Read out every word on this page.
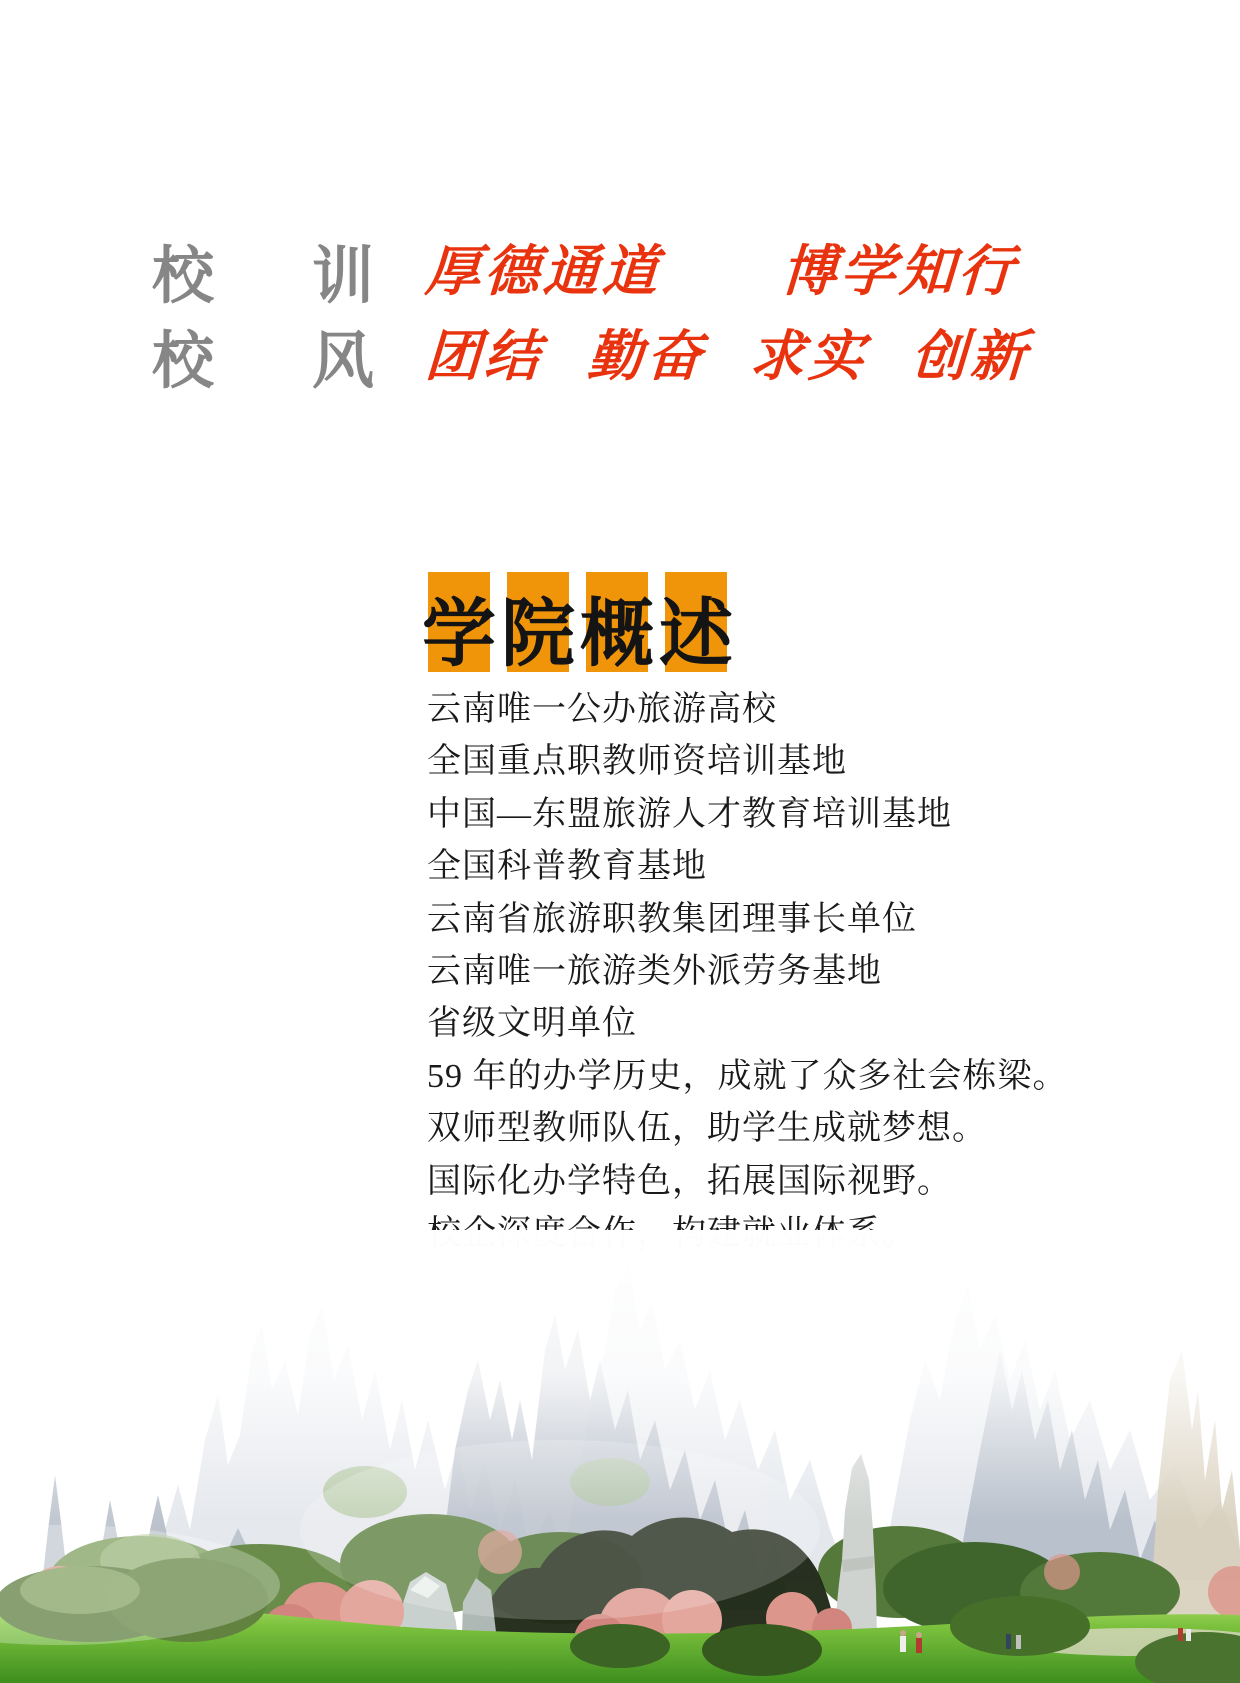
校 训 厚德通道 博学知行
校 风 团结 勤奋 求实 创新
学 院 概 述
云南唯一公办旅游高校
全国重点职教师资培训基地
中国—东盟旅游人才教育培训基地
全国科普教育基地
云南省旅游职教集团理事长单位
云南唯一旅游类外派劳务基地
省级文明单位
59 年的办学历史，成就了众多社会栋梁。
双师型教师队伍，助学生成就梦想。
国际化办学特色，拓展国际视野。
